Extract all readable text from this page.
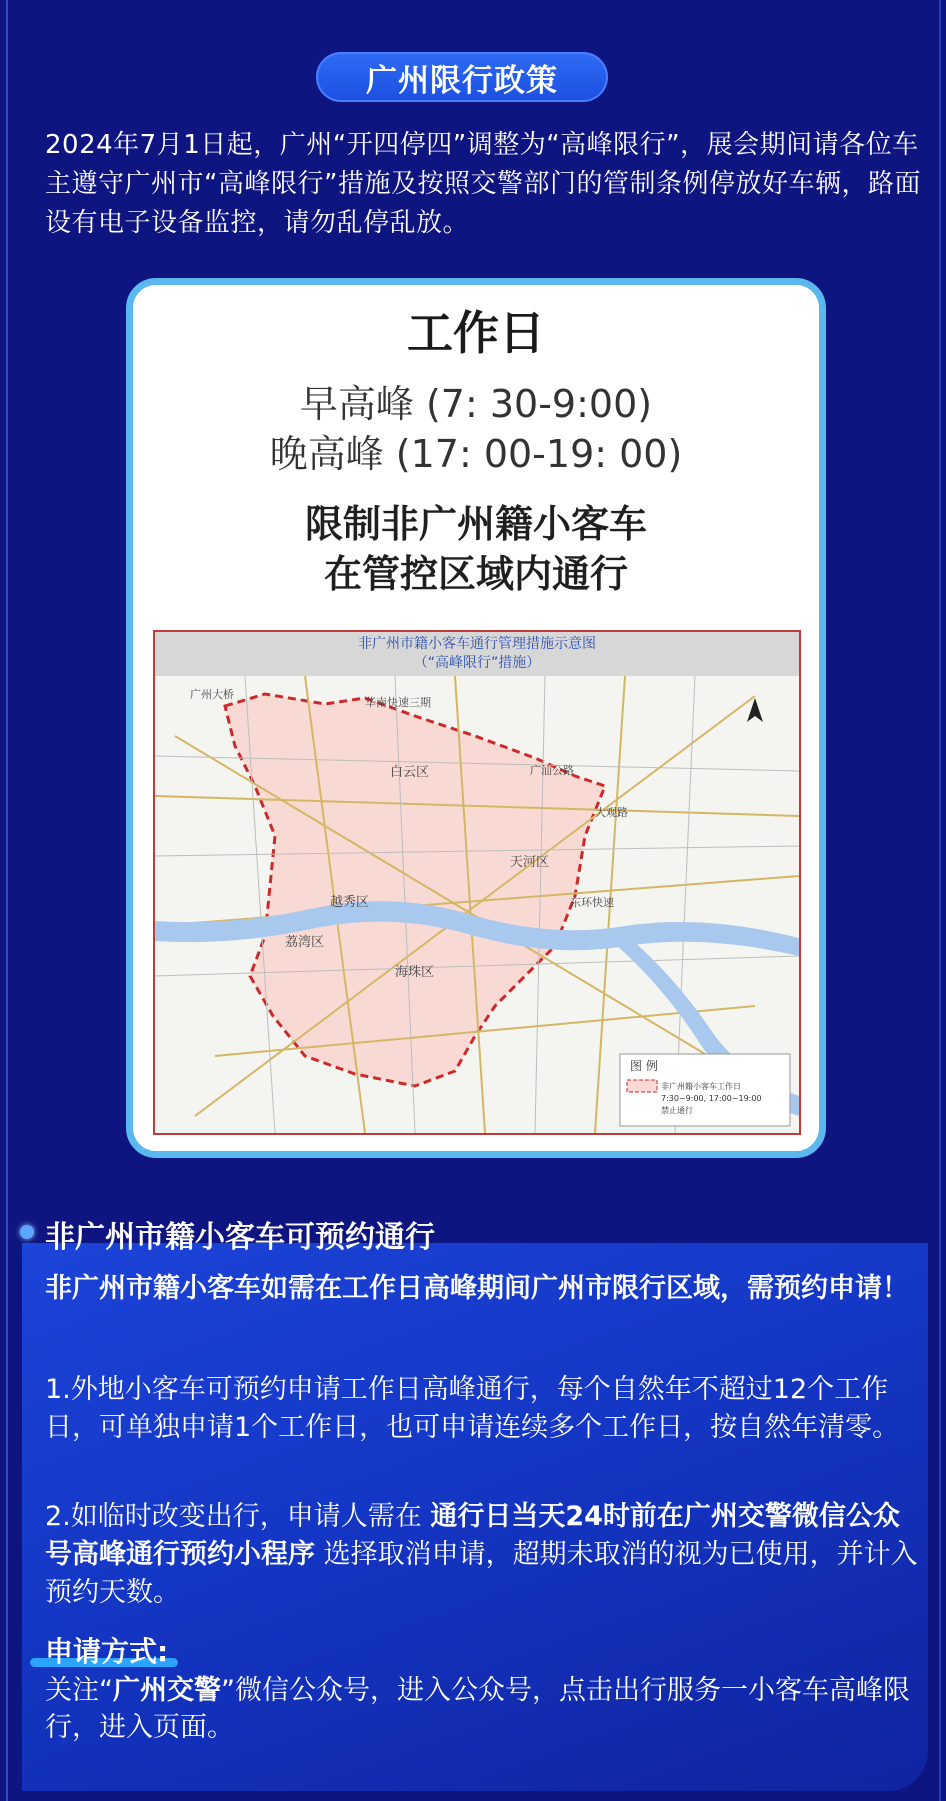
广州限行政策
2024年7月1日起，广州“开四停四”调整为“高峰限行”，展会期间请各位车主遵守广州市“高峰限行”措施及按照交警部门的管制条例停放好车辆，路面设有电子设备监控，请勿乱停乱放。
工作日
早高峰 (7: 30-9:00)
晚高峰 (17: 00-19: 00)
限制非广州籍小客车
在管控区域内通行
非广州市籍小客车通行管理措施示意图
（“高峰限行”措施）
广州大桥
华南快速三期
广汕公路
大观路
东环快速
白云区
天河区
海珠区
荔湾区
越秀区
图 例
非广州籍小客车工作日
7:30~9:00, 17:00~19:00
禁止通行
非广州市籍小客车可预约通行
非广州市籍小客车如需在工作日高峰期间广州市限行区域，需预约申请！
1.外地小客车可预约申请工作日高峰通行，每个自然年不超过12个工作日，可单独申请1个工作日，也可申请连续多个工作日，按自然年清零。
2.如临时改变出行，申请人需在 通行日当天24时前在广州交警微信公众号高峰通行预约小程序 选择取消申请，超期未取消的视为已使用，并计入预约天数。
申请方式:
关注“广州交警”微信公众号，进入公众号，点击出行服务一小客车高峰限行，进入页面。
